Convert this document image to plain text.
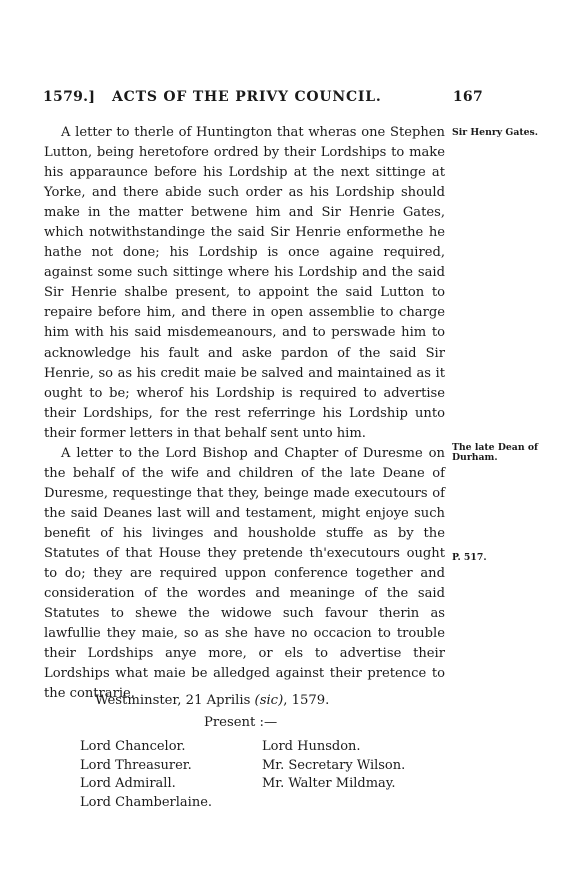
1579.] ACTS OF THE PRIVY COUNCIL.	167

A letter to therle of Huntington that wheras one Stephen Lutton, being heretofore ordred by their Lordships to make his apparaunce before his Lordship at the next sittinge at Yorke, and there abide such order as his Lordship should make in the matter betwene him and Sir Henrie Gates, which notwithstandinge the said Sir Henrie enformethe he hathe not done; his Lordship is once againe required, against some such sittinge where his Lordship and the said Sir Henrie shalbe present, to appoint the said Lutton to repaire before him, and there in open assemblie to charge him with his said misdemeanours, and to perswade him to acknowledge his fault and aske pardon of the said Sir Henrie, so as his credit maie be salved and maintained as it ought to be; wherof his Lordship is required to advertise their Lordships, for the rest referringe his Lordship unto their former letters in that behalf sent unto him.

A letter to the Lord Bishop and Chapter of Duresme on the behalf of the wife and children of the late Deane of Duresme, requestinge that they, beinge made executours of the said Deanes last will and testament, might enjoye such benefit of his livinges and housholde stuffe as by the Statutes of that House they pretende th'executours ought to do; they are required uppon conference together and consideration of the wordes and meaninge of the said Statutes to shewe the widowe such favour therin as lawfullie they maie, so as she have no occacion to trouble their Lordships anye more, or els to advertise their Lordships what maie be alledged against their pretence to the contrarie.

Sir Henry Gates.
The late Dean of Durham.
P. 517.
Westminster, 21 Aprilis (sic), 1579.
Present :—
Lord Chancelor.
Lord Threasurer.
Lord Admirall.
Lord Chamberlaine.
Lord Hunsdon.
Mr. Secretary Wilson.
Mr. Walter Mildmay.
